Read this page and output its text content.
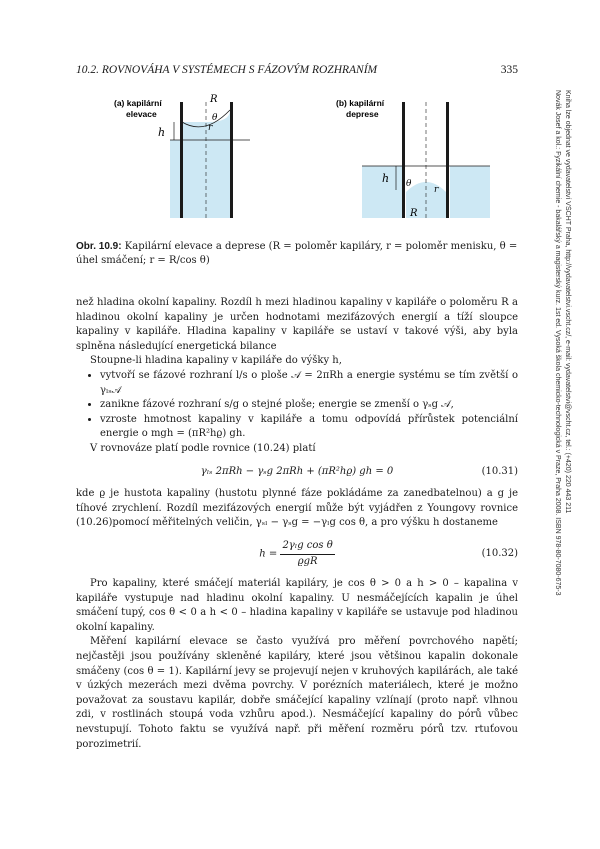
10.2. ROVNOVÁHA V SYSTÉMECH S FÁZOVÝM ROZHRANÍM	335
(a) kapilární
elevace
h
R
θ
r
(b) kapilární
deprese
h θ
r
R
Obr. 10.9: Kapilární elevace a deprese (R = poloměr kapiláry, r = poloměr menisku, θ = úhel smáčení; r = R/cos θ)

než hladina okolní kapaliny. Rozdíl h mezi hladinou kapaliny v kapiláře o poloměru R a hladinou okolní kapaliny je určen hodnotami mezifázových energií a tíží sloupce kapaliny v kapiláře. Hladina kapaliny v kapiláře se ustaví v takové výši, aby byla splněna následující energetická bilance

Stoupne-li hladina kapaliny v kapiláře do výšky h,

• vytvoří se fázové rozhraní l/s o ploše 𝒜 = 2πRh a energie systému se tím zvětší o γₗₛ𝒜
• zanikne fázové rozhraní s/g o stejné ploše; energie se zmenší o γₛg 𝒜,
• vzroste hmotnost kapaliny v kapiláře a tomu odpovídá přírůstek potenciální energie o mgh = (πR²hϱ) gh.

V rovnováze platí podle rovnice (10.24) platí

γₗₛ 2πRh − γₛg 2πRh + (πR²hϱ) gh = 0	(10.31)

kde ϱ je hustota kapaliny (hustotu plynné fáze pokládáme za zanedbatelnou) a g je tíhové zrychlení. Rozdíl mezifázových energií může být vyjádřen z Youngovy rovnice (10.26)pomocí měřitelných veličin, γₛₗ − γₛg = −γₗg cos θ, a pro výšku h dostaneme

$h = \frac{\text{2γₗg cos θ}}{\text{ϱgR}}$	(10.32)

Pro kapaliny, které smáčejí materiál kapiláry, je cos θ > 0 a h > 0 – kapalina v kapiláře vystupuje nad hladinu okolní kapaliny. U nesmáčejících kapalin je úhel smáčení tupý, cos θ < 0 a h < 0 – hladina kapaliny v kapiláře se ustavuje pod hladinou okolní kapaliny.

Měření kapilární elevace se často využívá pro měření povrchového napětí; nejčastěji jsou používány skleněné kapiláry, které jsou většinou kapalin dokonale smáčeny (cos θ = 1). Kapilární jevy se projevují nejen v kruhových kapilárách, ale také v úzkých mezerách mezi dvěma povrchy. V porézních materiálech, které je možno považovat za soustavu kapilár, dobře smáčející kapaliny vzlínají (proto např. vlhnou zdi, v rostlinách stoupá voda vzhůru apod.). Nesmáčející kapaliny do pórů vůbec nevstupují. Tohoto faktu se využívá např. při měření rozměru pórů tzv. rtuťovou porozimetrií.

Novák Josef a kol.: Fyzikální chemie - bakalářský a magisterský kurz. 1st ed. Vysoká škola chemicko-technologická v Praze, Praha 2008. ISBN 978-80-7080-675-3 Kniha lze objednat ve vydavatelství VŠCHT Praha, http://vydavatelstvi.vscht.cz/, e-mail: vydavatelstvi@vscht.cz, tel.: (+420) 220 443 211
